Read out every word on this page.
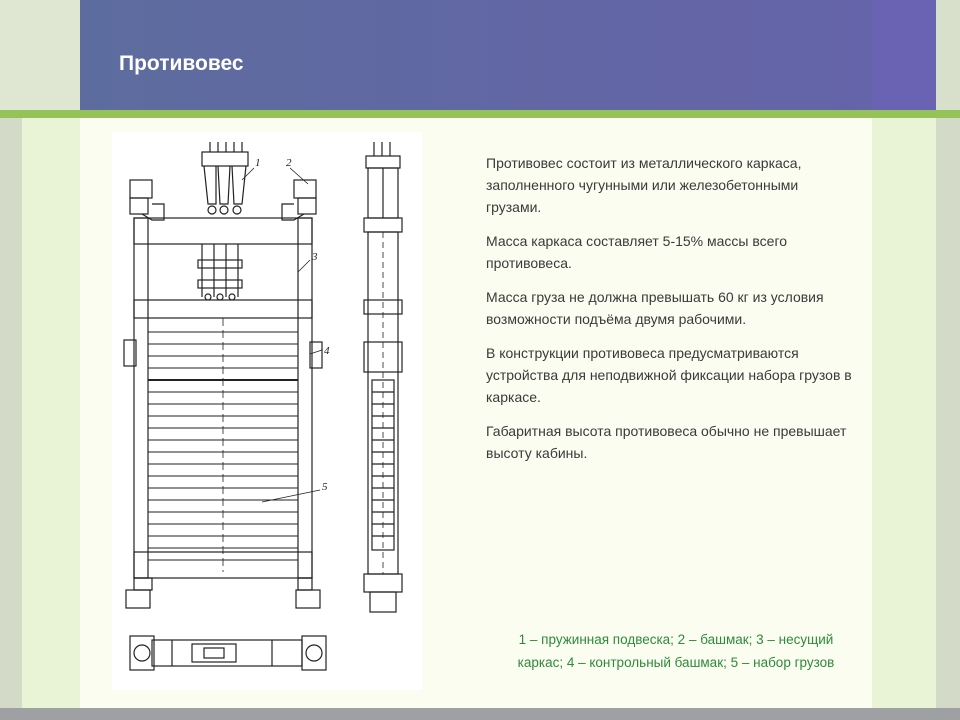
Противовес
1 2
3
4
5

Противовес состоит из металлического каркаса, заполненного чугунными или железобетонными грузами.

Масса каркаса составляет 5-15% массы всего противовеса.

Масса груза не должна превышать 60 кг из условия возможности подъёма двумя рабочими.

В конструкции противовеса предусматриваются устройства для неподвижной фиксации набора грузов в каркасе.

Габаритная высота противовеса обычно не превышает высоту кабины.

1 – пружинная подвеска; 2 – башмак; 3 – несущий
каркас; 4 – контрольный башмак; 5 – набор грузов
